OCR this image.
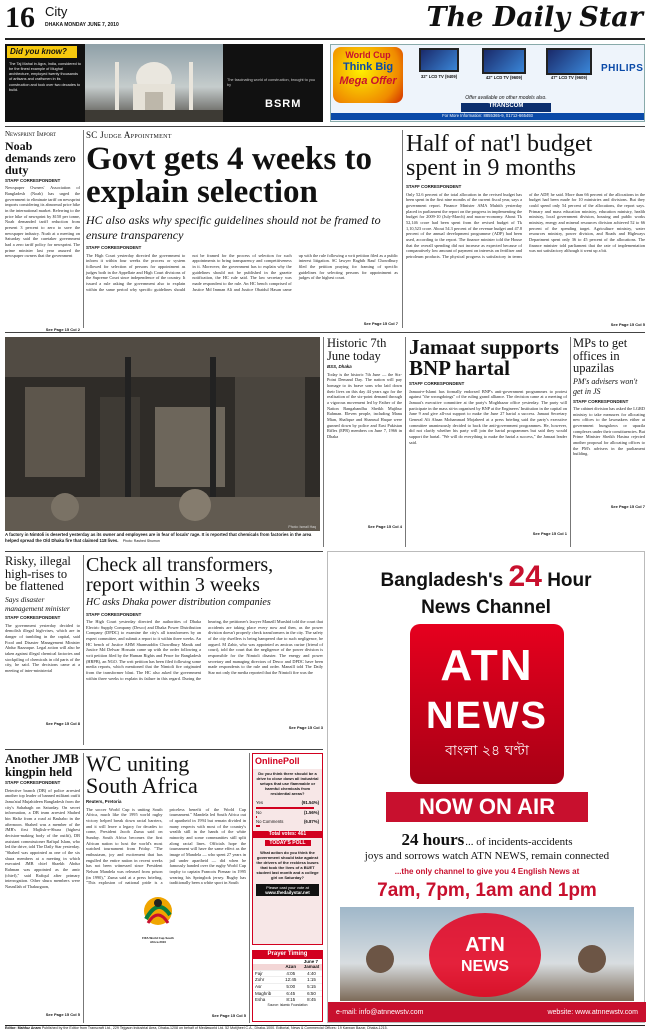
16 City
DHAKA MONDAY JUNE 7, 2010	The Daily Star
Did you know?
The Taj Mahal in Agra, India, considered to be the finest example of Mughal architecture, employed twenty thousands of artisans and craftsmen in its construction and took over two decades to build.
The fascinating world of construction, brought to you by
BSRM
World Cup
Think Big
Mega Offer	32" LCD TV (9409)	42" LCD TV (9609)	47" LCD TV (9609)
PHILIPS
Offer available on other models also.
TRANSCOM
For More Information: 8855365-9, 01712-665493
Newsprint Import
Noab demands zero duty
STAFF CORRESPONDENT
Newspaper Owners' Association of Bangladesh (Noab) has urged the government to eliminate tariff on newsprint imports considering its abnormal price hike in the international market. Referring to the price hike of newsprint by $150 per tonne, Noab demanded tariff reduction from present 3 percent to zero to save the newspaper industry. Noab at a meeting on Saturday said the caretaker government had a zero tariff policy for newsprint. The prime minister last year assured the newspaper owners that the government
See Page 15 Col 2
SC Judge Appointment
Govt gets 4 weeks to explain selection
HC also asks why specific guidelines should not be framed to ensure transparency
STAFF CORRESPONDENT
The High Court yesterday directed the government to inform it within four weeks the process or system followed for selection of persons for appointment as judges both in the Appellate and High Court divisions of the Supreme Court since independence of the country. It issued a rule asking the government also to explain within the same period why specific guidelines should not be framed for the process of selection for such appointments to bring transparency and competitiveness in it. Moreover, the government has to explain why the guidelines should not be published in the gazette notification, the HC rule said. The law secretary was made respondent to the rule. An HC bench comprised of Justice Md Imman Ali and Justice Obaidul Hasan came up with the rule following a writ petition filed as a public interest litigation. SC lawyer Ragbib Rauf Chowdhury filed the petition praying for framing of specific guidelines for selecting persons for appointment as judges of the highest court.
See Page 15 Col 7
Half of nat'l budget spent in 9 months
STAFF CORRESPONDENT
Only 52.6 percent of the total allocation in the revised budget has been spent in the first nine months of the current fiscal year, says a government report. Finance Minister AMA Muhith yesterday placed in parliament the report on the progress in implementing the budget for 2009-10 (July-March) and macro-economy. About Tk 52,146 crore had been spent from the revised budget of Tk 1,10,523 crore. About 54.3 percent of the revenue budget and 47.8 percent of the annual development programme (ADP) had been used, according to the report. The finance minister told the House that the overall spending did not increase as expected because of comparatively low amount of payment on interests on fertiliser and petroleum products. The physical progress is satisfactory in terms of the ADP, he said. More than 66 percent of the allocations in the budget had been made for 10 ministries and divisions. But they could spend only 54 percent of the allocations, the report says. Primary and mass education ministry, education ministry, health ministry, local government division, housing and public works ministry, energy and mineral resources division achieved 52 to 66 percent of the spending target. Agriculture ministry, water resources ministry, power division, and Roads and Highways Department spent only 36 to 45 percent of the allocations. The finance minister told parliament that the rate of implementation was not satisfactory although it went up a bit.
See Page 15 Col 5
Photo: Ismail Haq
A factory in Nimtoli is deserted yesterday as its owner and employees are in fear of locals' rage. It is reported that chemicals from factories in the area helped spread the Old Dhaka fire that claimed 118 lives. Photo: Rashed Shumon
Historic 7th June today
BSS, Dhaka
Today is the historic 7th June — the Six-Point Demand Day. The nation will pay homage to its brave sons who laid down their lives on this day 44 years ago for the realisation of the six-point demand through a vigorous movement led by Father of the Nation Bangabandhu Sheikh Mujibur Rahman. Eleven people, including Manu Mian, Shafique and Shamsul Haque were gunned down by police and East Pakistan Rifles (EPR) members on June 7, 1966 in Dhaka
See Page 15 Col 4
Jamaat supports BNP hartal
STAFF CORRESPONDENT
Jamaat-e-Islami has formally endorsed BNP's anti-government programmes to protest against "the wrongdoings" of the ruling grand alliance. The decision came at a meeting of Jamaat's executive committee at the party's Moghbazar office yesterday. The party will participate in the mass sit-in organised by BNP at the Engineers' Institution in the capital on June 9 and give all-out support to make the June 27 hartal a success. Jamaat Secretary General Ali Ahsan Mohammad Mojaheed at a press briefing said the party's executive committee unanimously decided to back the anti-government programmes. He, however, did not clarify whether his party will join the hartal programmes but said they would support the hartal. "We will do everything to make the hartal a success," the Jamaat leader said.
See Page 15 Col 1
MPs to get offices in upazilas
PM's advisers won't get in JS
STAFF CORRESPONDENT
The cabinet division has asked the LGRD ministry to take measures for allocating new offices to the lawmakers either at government bungalows or upazila complexes under their constituencies. But Prime Minister Sheikh Hasina rejected another proposal for allocating offices to the PM's advisers in the parliament building.
See Page 15 Col 7
Risky, illegal high-rises to be flattened
Says disaster management minister
STAFF CORRESPONDENT
The government yesterday decided to demolish illegal high-rises, which are in danger of tumbling in the capital, said Food and Disaster Management Minister Abdur Razzaque. Legal action will also be taken against illegal chemical factories and stockpiling of chemicals in old parts of the city, he said. The decisions came at a meeting of inter-ministerial
See Page 15 Col 8
Check all transformers, report within 3 weeks
HC asks Dhaka power distribution companies
STAFF CORRESPONDENT
The High Court yesterday directed the authorities of Dhaka Electric Supply Company (Desco) and Dhaka Power Distribution Company (DPDC) to examine the city's all transformers by an expert committee, and submit a report to it within three weeks. An HC bench of Justice AHM Shamsuddin Chowdhury Manik and Justice Md Delwar Hossain came up with the order following a writ petition filed by the Human Rights and Peace for Bangladesh (HRPB), an NGO. The writ petition has been filed following some media reports, which mentioned that the Nimtoli fire originated from the transformer blast. The HC also asked the government within three weeks to explain its failure in this regard. During the hearing, the petitioner's lawyer Manzill Murshid told the court that accidents are taking place every now and then, as the power division doesn't properly check transformers in the city. The safety of the city dwellers is being hampered due to such negligence, he argued. M Zahir, who was appointed as amicus curiae (friend of court), told the court that the negligence of the power division is responsible for the Nimtoli disaster. The energy and power secretary and managing directors of Desco and DPDC have been made respondents to the rule and order. Manzill told The Daily Star not only the media reported that the Nimtoli fire was the
See Page 15 Col 3
Another JMB kingpin held
STAFF CORRESPONDENT
Detective branch (DB) of police arrested another top leader of banned militant outfit Jama'atul Mujahideen Bangladesh from the city's Sahabagh on Saturday. On secret information, a DB team arrested Shahed bin Hafiz from a road at Bashabo in the afternoon. Shahed was a member of the JMB's first Majlish-e-Shura (highest decision-making body of the outfit), DB assistant commissioner Rafiqul Islam, who led the drive, told The Daily Star yesterday. "Shahed was appointed as one of the six shura members at a meeting in which executed JMB chief Shaekh Abdur Rahman was appointed as the amir (chief)," said Rafiqul after primary interrogation. Other shura members were Nasrullah of Thakurgaon,
See Page 15 Col 5
WC uniting South Africa
Reuters, Pretoria
The soccer World Cup is uniting South Africa, much like the 1995 world rugby victory helped break down racial barriers, and it will leave a legacy for decades to come, President Jacob Zuma said on Sunday. South Africa becomes the first African nation to host the world's most watched tournament from Friday. "The enthusiasm, joy and excitement that has engulfed the entire nation in recent weeks has not been witnessed since President Nelson Mandela was released from prison (in 1990)," Zuma said at a press briefing. "This explosion of national pride is a priceless benefit of the World Cup tournament." Mandela led South Africa out of apartheid in 1994 but remain divided in many respects with most of the country's wealth still in the hands of the white minority and some communities still split along racial lines. Officials hope the tournament will have the same effect as the image of Mandela — who spent 27 years in jail under apartheid — did when he famously handed over the rugby World Cup trophy to captain Francois Pienaar in 1995 wearing his Springbok jersey. Rugby has traditionally been a white sport in South
See Page 15 Col 5
FIFA World Cup South Africa 2010
OnlinePoll
Do you think there should be a drive to close down all industrial setups that use flammable or harmful chemicals from residential areas?
Yes	(91.54%)
No	(1.56%)
No Comments	(6.87%)
Total votes: 461
TODAY'S POLL
What action do you think the government should take against the drivers of the reckless buses that took the lives of a BUET student last month and a college girl on Saturday?
Please cast your vote at
www.thedailystar.net
Prayer Timing
June 7
	Azan	Jamaat
Fajr	4:05	4:40
Zohr	12:45	1:15
Asr	5:00	5:15
Maghrib	6:45	6:50
Esha	8:15	8:45
Source: Islamic Foundation
Bangladesh's 24 Hour
News Channel
ATN
NEWS
বাংলা ২৪ ঘণ্টা
NOW ON AIR
24 hours ... of incidents-accidents
joys and sorrows watch ATN NEWS, remain connected
...the only channel to give you 4 English News at
7am, 7pm, 1am and 1pm
ATN
NEWS
e-mail: info@atnnewstv.com	website: www.atnnewstv.com
Editor: Mahfuz Anam Published by the Editor from Transcraft Ltd., 229 Tejgaon Industrial Area, Dhaka-1208 on behalf of Mediaworld Ltd. 52 Motijheel C.A., Dhaka-1000. Editorial, News & Commercial Offices: 19 Karwan Bazar, Dhaka-1215.
